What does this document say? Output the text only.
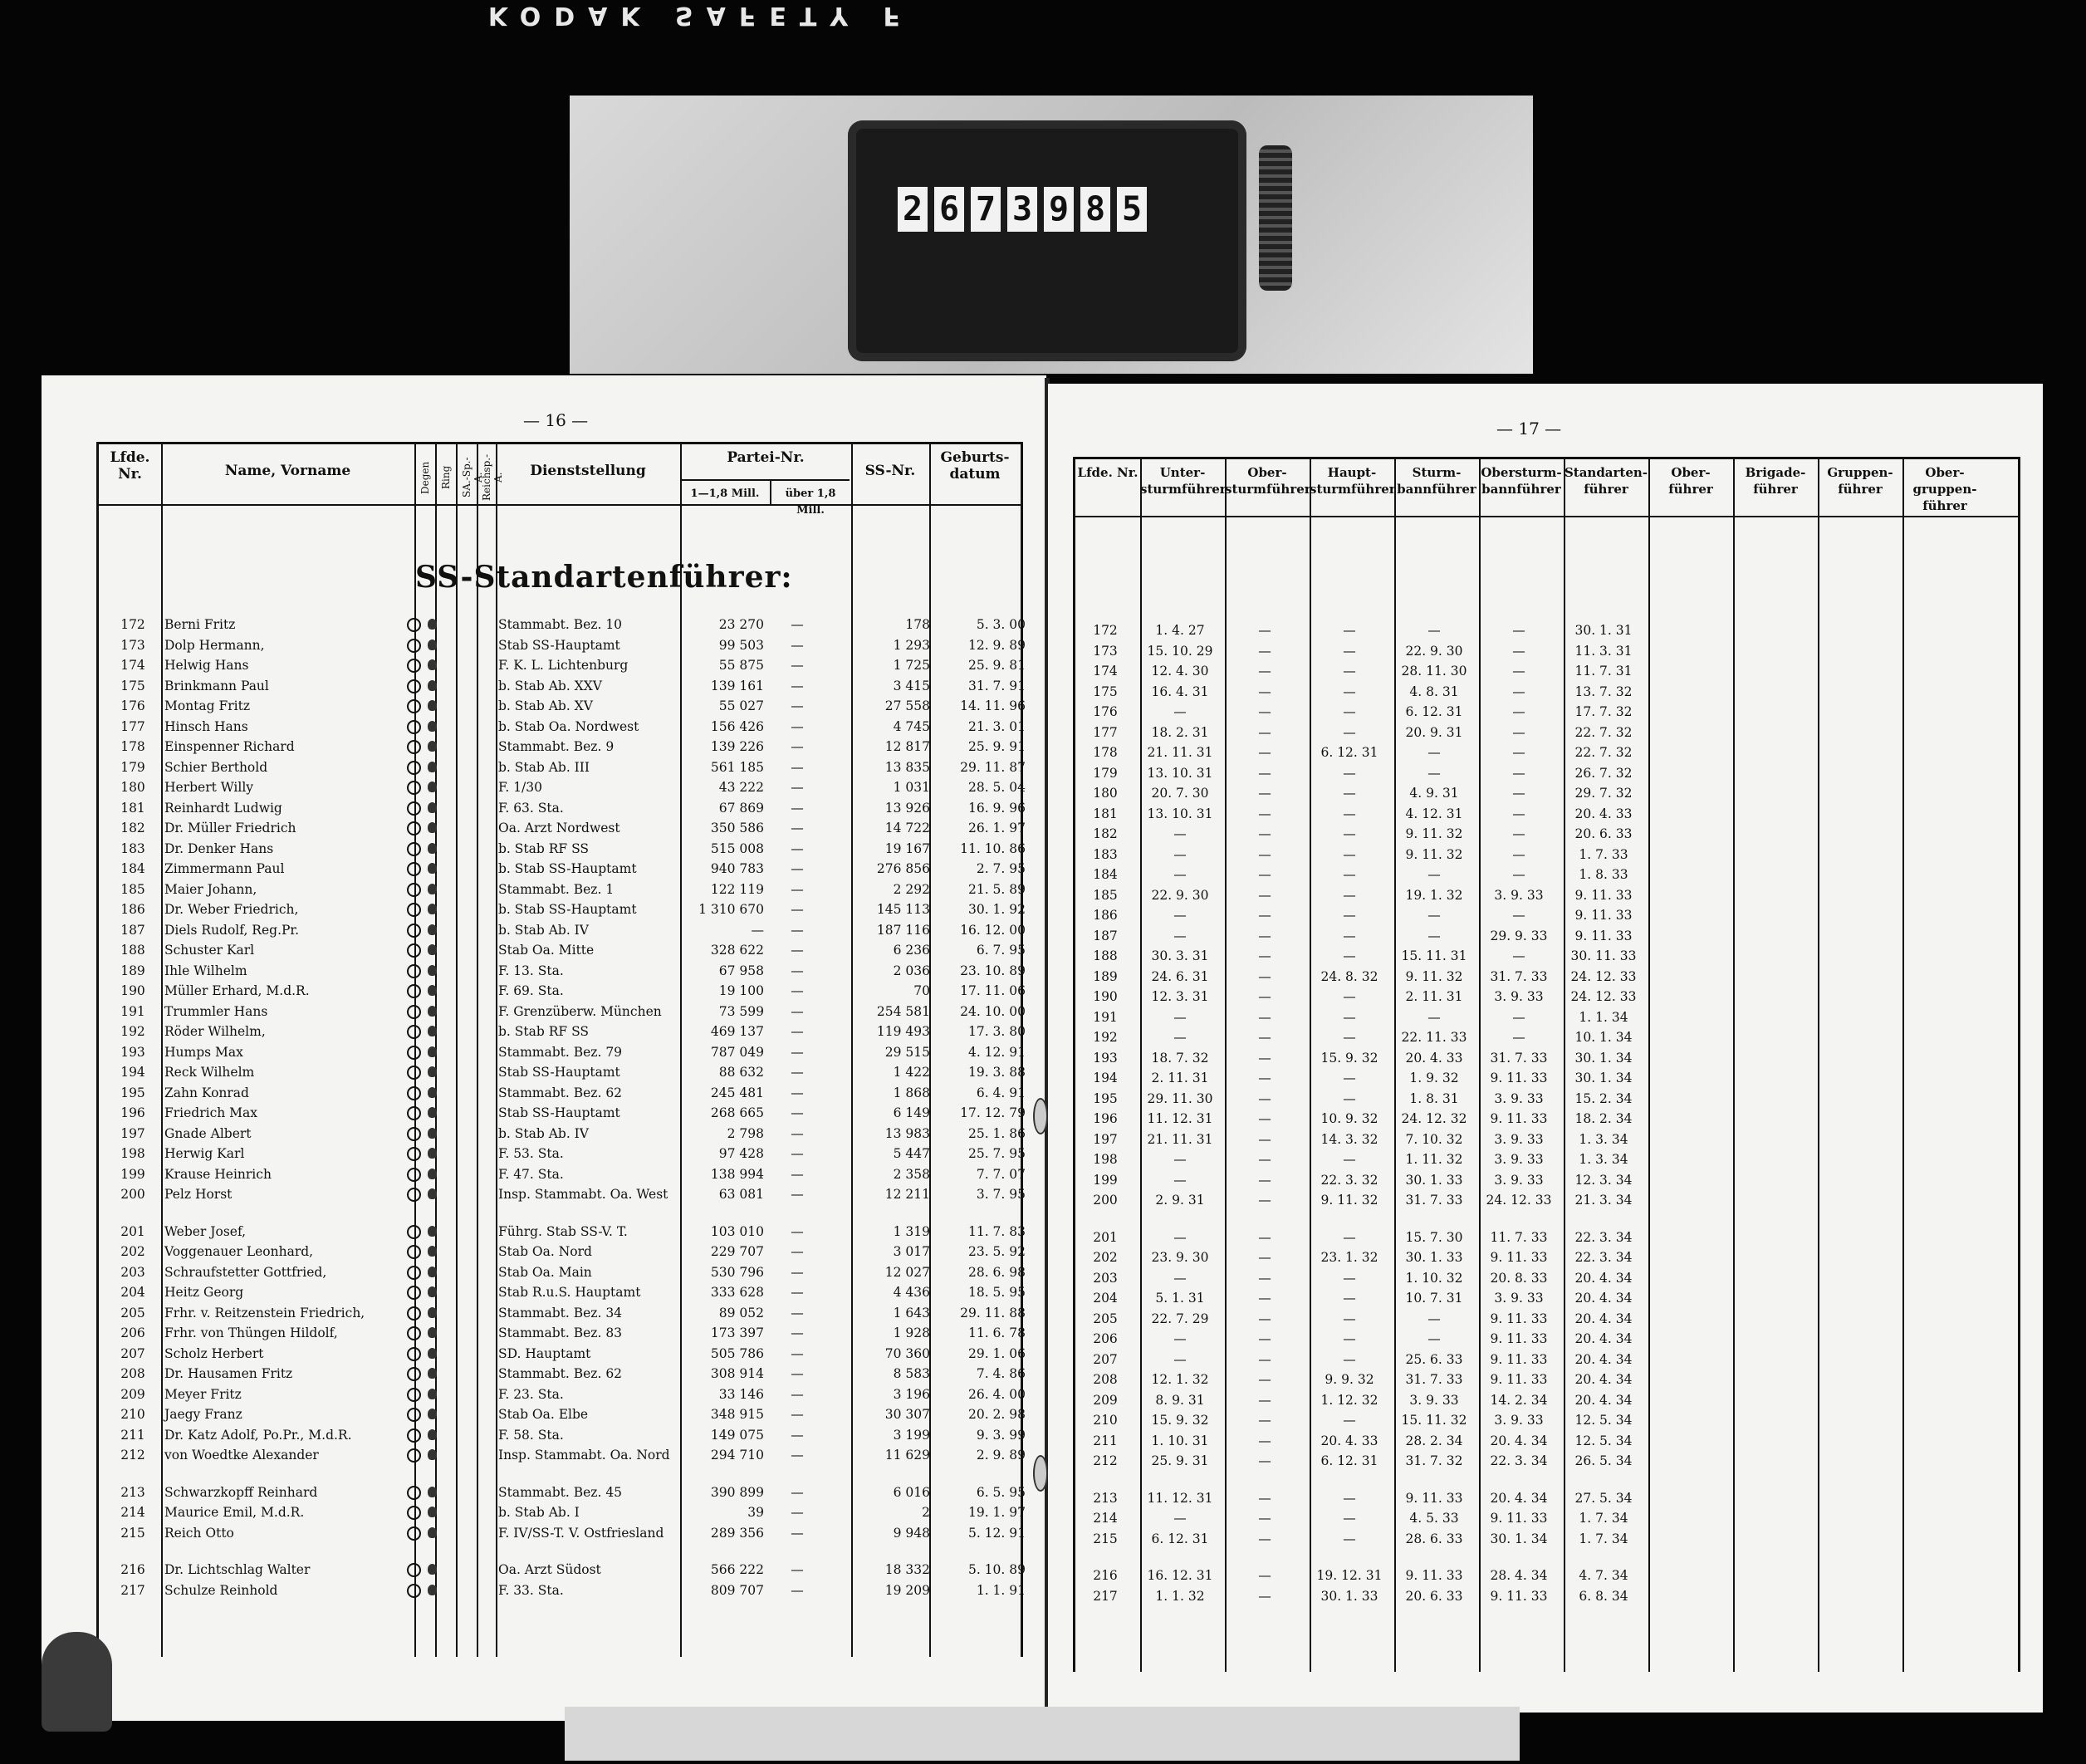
KODAK SAFETY F
2 6 7 3 9 8 5
— 16 —
Lfde. Nr.	Name, Vorname	Degen Ring SA.-Sp.-A.
Reichsp.-A.	Dienststellung
Partei-Nr.
1—1,8 Mill.	über 1,8 Mill.
SS-Nr.
Geburts- datum
SS-Standartenführer:
172	Berni Fritz	Stammabt. Bez. 10	23 270	—	178	5. 3. 00
173	Dolp Hermann,	Stab SS-Hauptamt	99 503	—	1 293	12. 9. 89
174	Helwig Hans	F. K. L. Lichtenburg	55 875	—	1 725	25. 9. 81
175	Brinkmann Paul	b. Stab Ab. XXV	139 161	—	3 415	31. 7. 91
176	Montag Fritz	b. Stab Ab. XV	55 027	—	27 558	14. 11. 96
177	Hinsch Hans	b. Stab Oa. Nordwest	156 426	—	4 745	21. 3. 01
178	Einspenner Richard	Stammabt. Bez. 9	139 226	—	12 817	25. 9. 91
179	Schier Berthold	b. Stab Ab. III	561 185	—	13 835	29. 11. 87
180	Herbert Willy	F. 1/30	43 222	—	1 031	28. 5. 04
181	Reinhardt Ludwig	F. 63. Sta.	67 869	—	13 926	16. 9. 96
182	Dr. Müller Friedrich	Oa. Arzt Nordwest	350 586	—	14 722	26. 1. 97
183	Dr. Denker Hans	b. Stab RF SS	515 008	—	19 167	11. 10. 86
184	Zimmermann Paul	b. Stab SS-Hauptamt	940 783	—	276 856	2. 7. 95
185	Maier Johann,	Stammabt. Bez. 1	122 119	—	2 292	21. 5. 89
186	Dr. Weber Friedrich,	b. Stab SS-Hauptamt	1 310 670	—	145 113	30. 1. 92
187	Diels Rudolf, Reg.Pr.	b. Stab Ab. IV	—	—	187 116	16. 12. 00
188	Schuster Karl	Stab Oa. Mitte	328 622	—	6 236	6. 7. 95
189	Ihle Wilhelm	F. 13. Sta.	67 958	—	2 036	23. 10. 89
190	Müller Erhard, M.d.R.	F. 69. Sta.	19 100	—	70	17. 11. 06
191	Trummler Hans	F. Grenzüberw. München	73 599	—	254 581	24. 10. 00
192	Röder Wilhelm,	b. Stab RF SS	469 137	—	119 493	17. 3. 80
193	Humps Max	Stammabt. Bez. 79	787 049	—	29 515	4. 12. 91
194	Reck Wilhelm	Stab SS-Hauptamt	88 632	—	1 422	19. 3. 88
195	Zahn Konrad	Stammabt. Bez. 62	245 481	—	1 868	6. 4. 91
196	Friedrich Max	Stab SS-Hauptamt	268 665	—	6 149	17. 12. 79
197	Gnade Albert	b. Stab Ab. IV	2 798	—	13 983	25. 1. 86
198	Herwig Karl	F. 53. Sta.	97 428	—	5 447	25. 7. 95
199	Krause Heinrich	F. 47. Sta.	138 994	—	2 358	7. 7. 07
200	Pelz Horst	Insp. Stammabt. Oa. West	63 081	—	12 211	3. 7. 95
201	Weber Josef,	Führg. Stab SS-V. T.	103 010	—	1 319	11. 7. 83
202	Voggenauer Leonhard,	Stab Oa. Nord	229 707	—	3 017	23. 5. 92
203	Schraufstetter Gottfried,	Stab Oa. Main	530 796	—	12 027	28. 6. 98
204	Heitz Georg	Stab R.u.S. Hauptamt	333 628	—	4 436	18. 5. 95
205	Frhr. v. Reitzenstein Friedrich,	Stammabt. Bez. 34	89 052	—	1 643	29. 11. 88
206	Frhr. von Thüngen Hildolf,	Stammabt. Bez. 83	173 397	—	1 928	11. 6. 78
207	Scholz Herbert	SD. Hauptamt	505 786	—	70 360	29. 1. 06
208	Dr. Hausamen Fritz	Stammabt. Bez. 62	308 914	—	8 583	7. 4. 86
209	Meyer Fritz	F. 23. Sta.	33 146	—	3 196	26. 4. 00
210	Jaegy Franz	Stab Oa. Elbe	348 915	—	30 307	20. 2. 98
211	Dr. Katz Adolf, Po.Pr., M.d.R.	F. 58. Sta.	149 075	—	3 199	9. 3. 99
212	von Woedtke Alexander	Insp. Stammabt. Oa. Nord	294 710	—	11 629	2. 9. 89
213	Schwarzkopff Reinhard	Stammabt. Bez. 45	390 899	—	6 016	6. 5. 95
214	Maurice Emil, M.d.R.	b. Stab Ab. I	39	—	2	19. 1. 97
215	Reich Otto	F. IV/SS-T. V. Ostfriesland	289 356	—	9 948	5. 12. 91
216	Dr. Lichtschlag Walter	Oa. Arzt Südost	566 222	—	18 332	5. 10. 89
217	Schulze Reinhold	F. 33. Sta.	809 707	—	19 209	1. 1. 91
— 17 —
Lfde. Nr.	Unter- sturmführer
Ober- sturmführer
Haupt- sturmführer
Sturm- bannführer
Obersturm- bannführer
Standarten- führer
Ober- führer
Brigade- führer
Gruppen- führer
Ober- gruppen- führer
172	1. 4. 27	—	—	—	—	30. 1. 31
173	15. 10. 29	—	—	22. 9. 30	—	11. 3. 31
174	12. 4. 30	—	—	28. 11. 30	—	11. 7. 31
175	16. 4. 31	—	—	4. 8. 31	—	13. 7. 32
176	—	—	—	6. 12. 31	—	17. 7. 32
177	18. 2. 31	—	—	20. 9. 31	—	22. 7. 32
178	21. 11. 31	—	6. 12. 31	—	—	22. 7. 32
179	13. 10. 31	—	—	—	—	26. 7. 32
180	20. 7. 30	—	—	4. 9. 31	—	29. 7. 32
181	13. 10. 31	—	—	4. 12. 31	—	20. 4. 33
182	—	—	—	9. 11. 32	—	20. 6. 33
183	—	—	—	9. 11. 32	—	1. 7. 33
184	—	—	—	—	—	1. 8. 33
185	22. 9. 30	—	—	19. 1. 32	3. 9. 33	9. 11. 33
186	—	—	—	—	—	9. 11. 33
187	—	—	—	—	29. 9. 33	9. 11. 33
188	30. 3. 31	—	—	15. 11. 31	—	30. 11. 33
189	24. 6. 31	—	24. 8. 32	9. 11. 32	31. 7. 33	24. 12. 33
190	12. 3. 31	—	—	2. 11. 31	3. 9. 33	24. 12. 33
191	—	—	—	—	—	1. 1. 34
192	—	—	—	22. 11. 33	—	10. 1. 34
193	18. 7. 32	—	15. 9. 32	20. 4. 33	31. 7. 33	30. 1. 34
194	2. 11. 31	—	—	1. 9. 32	9. 11. 33	30. 1. 34
195	29. 11. 30	—	—	1. 8. 31	3. 9. 33	15. 2. 34
196	11. 12. 31	—	10. 9. 32	24. 12. 32	9. 11. 33	18. 2. 34
197	21. 11. 31	—	14. 3. 32	7. 10. 32	3. 9. 33	1. 3. 34
198	—	—	—	1. 11. 32	3. 9. 33	1. 3. 34
199	—	—	22. 3. 32	30. 1. 33	3. 9. 33	12. 3. 34
200	2. 9. 31	—	9. 11. 32	31. 7. 33	24. 12. 33	21. 3. 34
201	—	—	—	15. 7. 30	11. 7. 33	22. 3. 34
202	23. 9. 30	—	23. 1. 32	30. 1. 33	9. 11. 33	22. 3. 34
203	—	—	—	1. 10. 32	20. 8. 33	20. 4. 34
204	5. 1. 31	—	—	10. 7. 31	3. 9. 33	20. 4. 34
205	22. 7. 29	—	—	—	9. 11. 33	20. 4. 34
206	—	—	—	—	9. 11. 33	20. 4. 34
207	—	—	—	25. 6. 33	9. 11. 33	20. 4. 34
208	12. 1. 32	—	9. 9. 32	31. 7. 33	9. 11. 33	20. 4. 34
209	8. 9. 31	—	1. 12. 32	3. 9. 33	14. 2. 34	20. 4. 34
210	15. 9. 32	—	—	15. 11. 32	3. 9. 33	12. 5. 34
211	1. 10. 31	—	20. 4. 33	28. 2. 34	20. 4. 34	12. 5. 34
212	25. 9. 31	—	6. 12. 31	31. 7. 32	22. 3. 34	26. 5. 34
213	11. 12. 31	—	—	9. 11. 33	20. 4. 34	27. 5. 34
214	—	—	—	4. 5. 33	9. 11. 33	1. 7. 34
215	6. 12. 31	—	—	28. 6. 33	30. 1. 34	1. 7. 34
216	16. 12. 31	—	19. 12. 31	9. 11. 33	28. 4. 34	4. 7. 34
217	1. 1. 32	—	30. 1. 33	20. 6. 33	9. 11. 33	6. 8. 34
